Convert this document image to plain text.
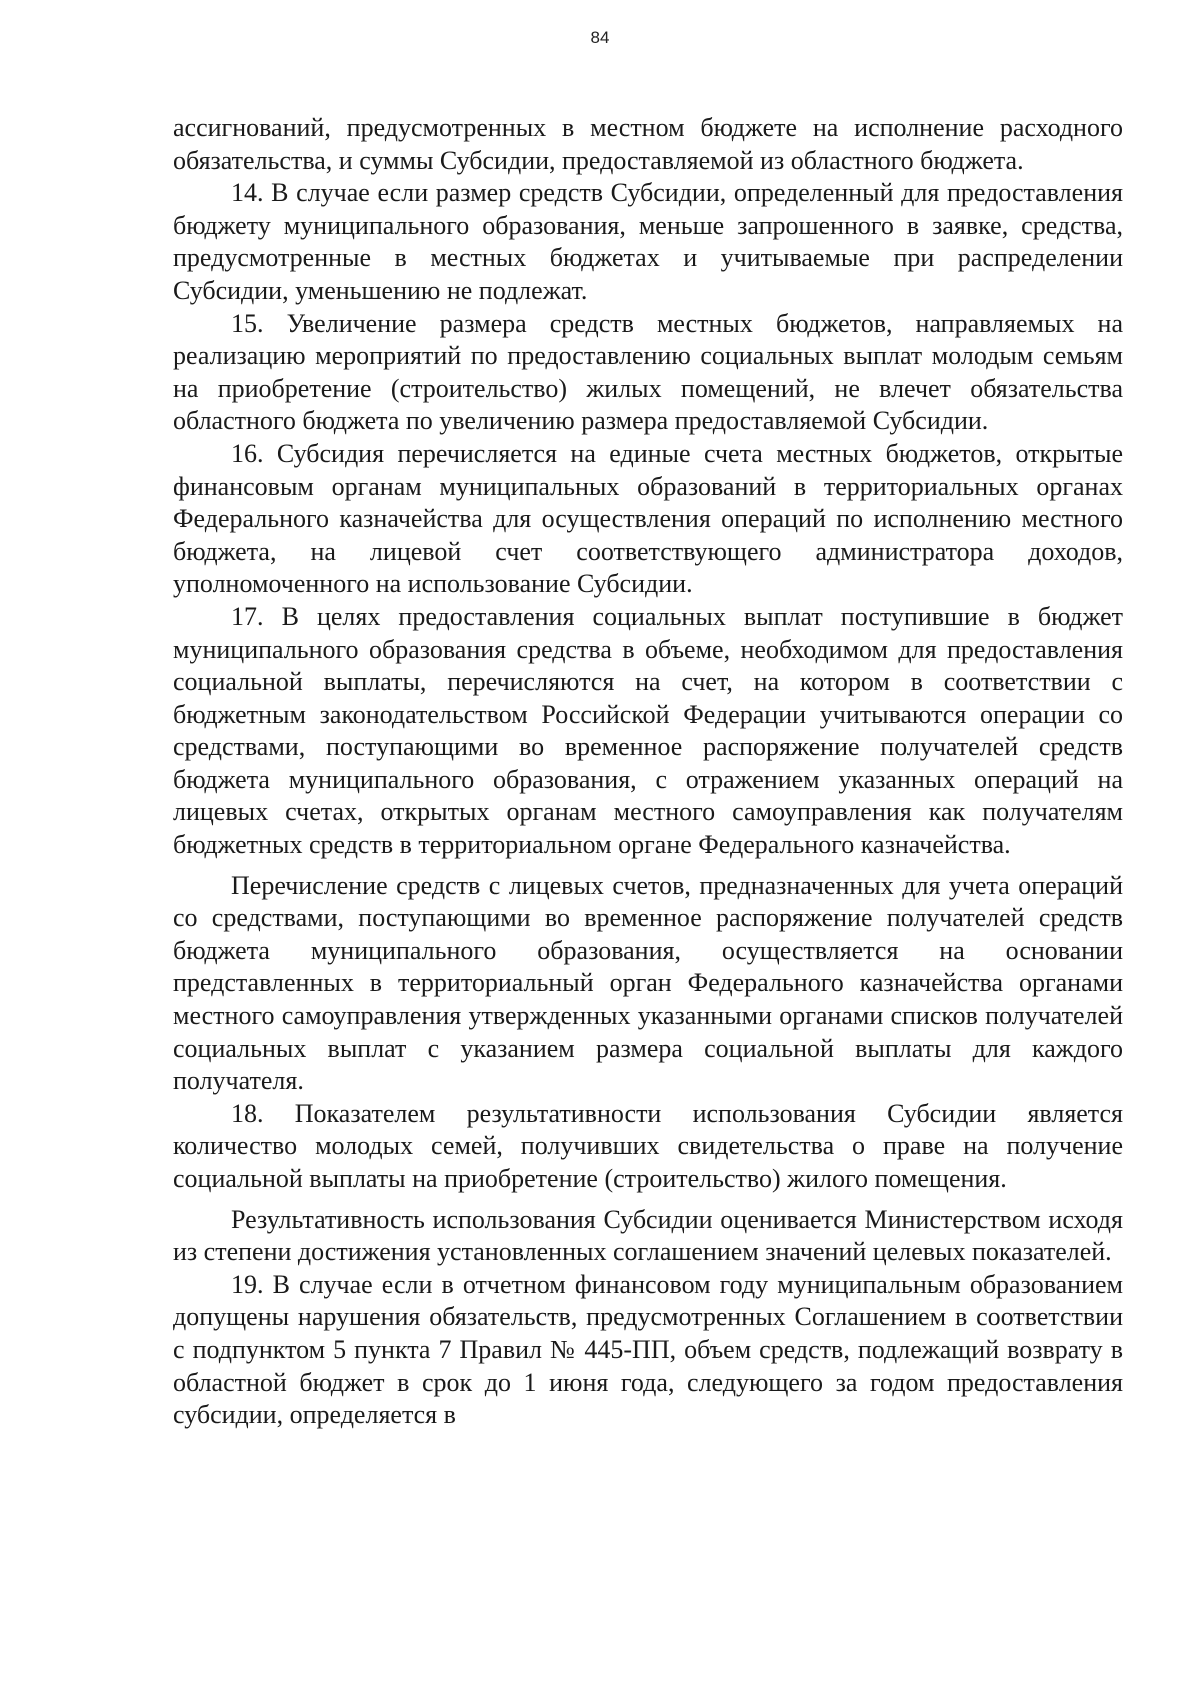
84

ассигнований, предусмотренных в местном бюджете на исполнение расходного обязательства, и суммы Субсидии, предоставляемой из областного бюджета.

14. В случае если размер средств Субсидии, определенный для предоставления бюджету муниципального образования, меньше запрошенного в заявке, средства, предусмотренные в местных бюджетах и учитываемые при распределении Субсидии, уменьшению не подлежат.

15. Увеличение размера средств местных бюджетов, направляемых на реализацию мероприятий по предоставлению социальных выплат молодым семьям на приобретение (строительство) жилых помещений, не влечет обязательства областного бюджета по увеличению размера предоставляемой Субсидии.

16. Субсидия перечисляется на единые счета местных бюджетов, открытые финансовым органам муниципальных образований в территориальных органах Федерального казначейства для осуществления операций по исполнению местного бюджета, на лицевой счет соответствующего администратора доходов, уполномоченного на использование Субсидии.

17. В целях предоставления социальных выплат поступившие в бюджет муниципального образования средства в объеме, необходимом для предоставления социальной выплаты, перечисляются на счет, на котором в соответствии с бюджетным законодательством Российской Федерации учитываются операции со средствами, поступающими во временное распоряжение получателей средств бюджета муниципального образования, с отражением указанных операций на лицевых счетах, открытых органам местного самоуправления как получателям бюджетных средств в территориальном органе Федерального казначейства.

Перечисление средств с лицевых счетов, предназначенных для учета операций со средствами, поступающими во временное распоряжение получателей средств бюджета муниципального образования, осуществляется на основании представленных в территориальный орган Федерального казначейства органами местного самоуправления утвержденных указанными органами списков получателей социальных выплат с указанием размера социальной выплаты для каждого получателя.

18. Показателем результативности использования Субсидии является количество молодых семей, получивших свидетельства о праве на получение социальной выплаты на приобретение (строительство) жилого помещения.

Результативность использования Субсидии оценивается Министерством исходя из степени достижения установленных соглашением значений целевых показателей.

19. В случае если в отчетном финансовом году муниципальным образованием допущены нарушения обязательств, предусмотренных Соглашением в соответствии с подпунктом 5 пункта 7 Правил № 445-ПП, объем средств, подлежащий возврату в областной бюджет в срок до 1 июня года, следующего за годом предоставления субсидии, определяется в
